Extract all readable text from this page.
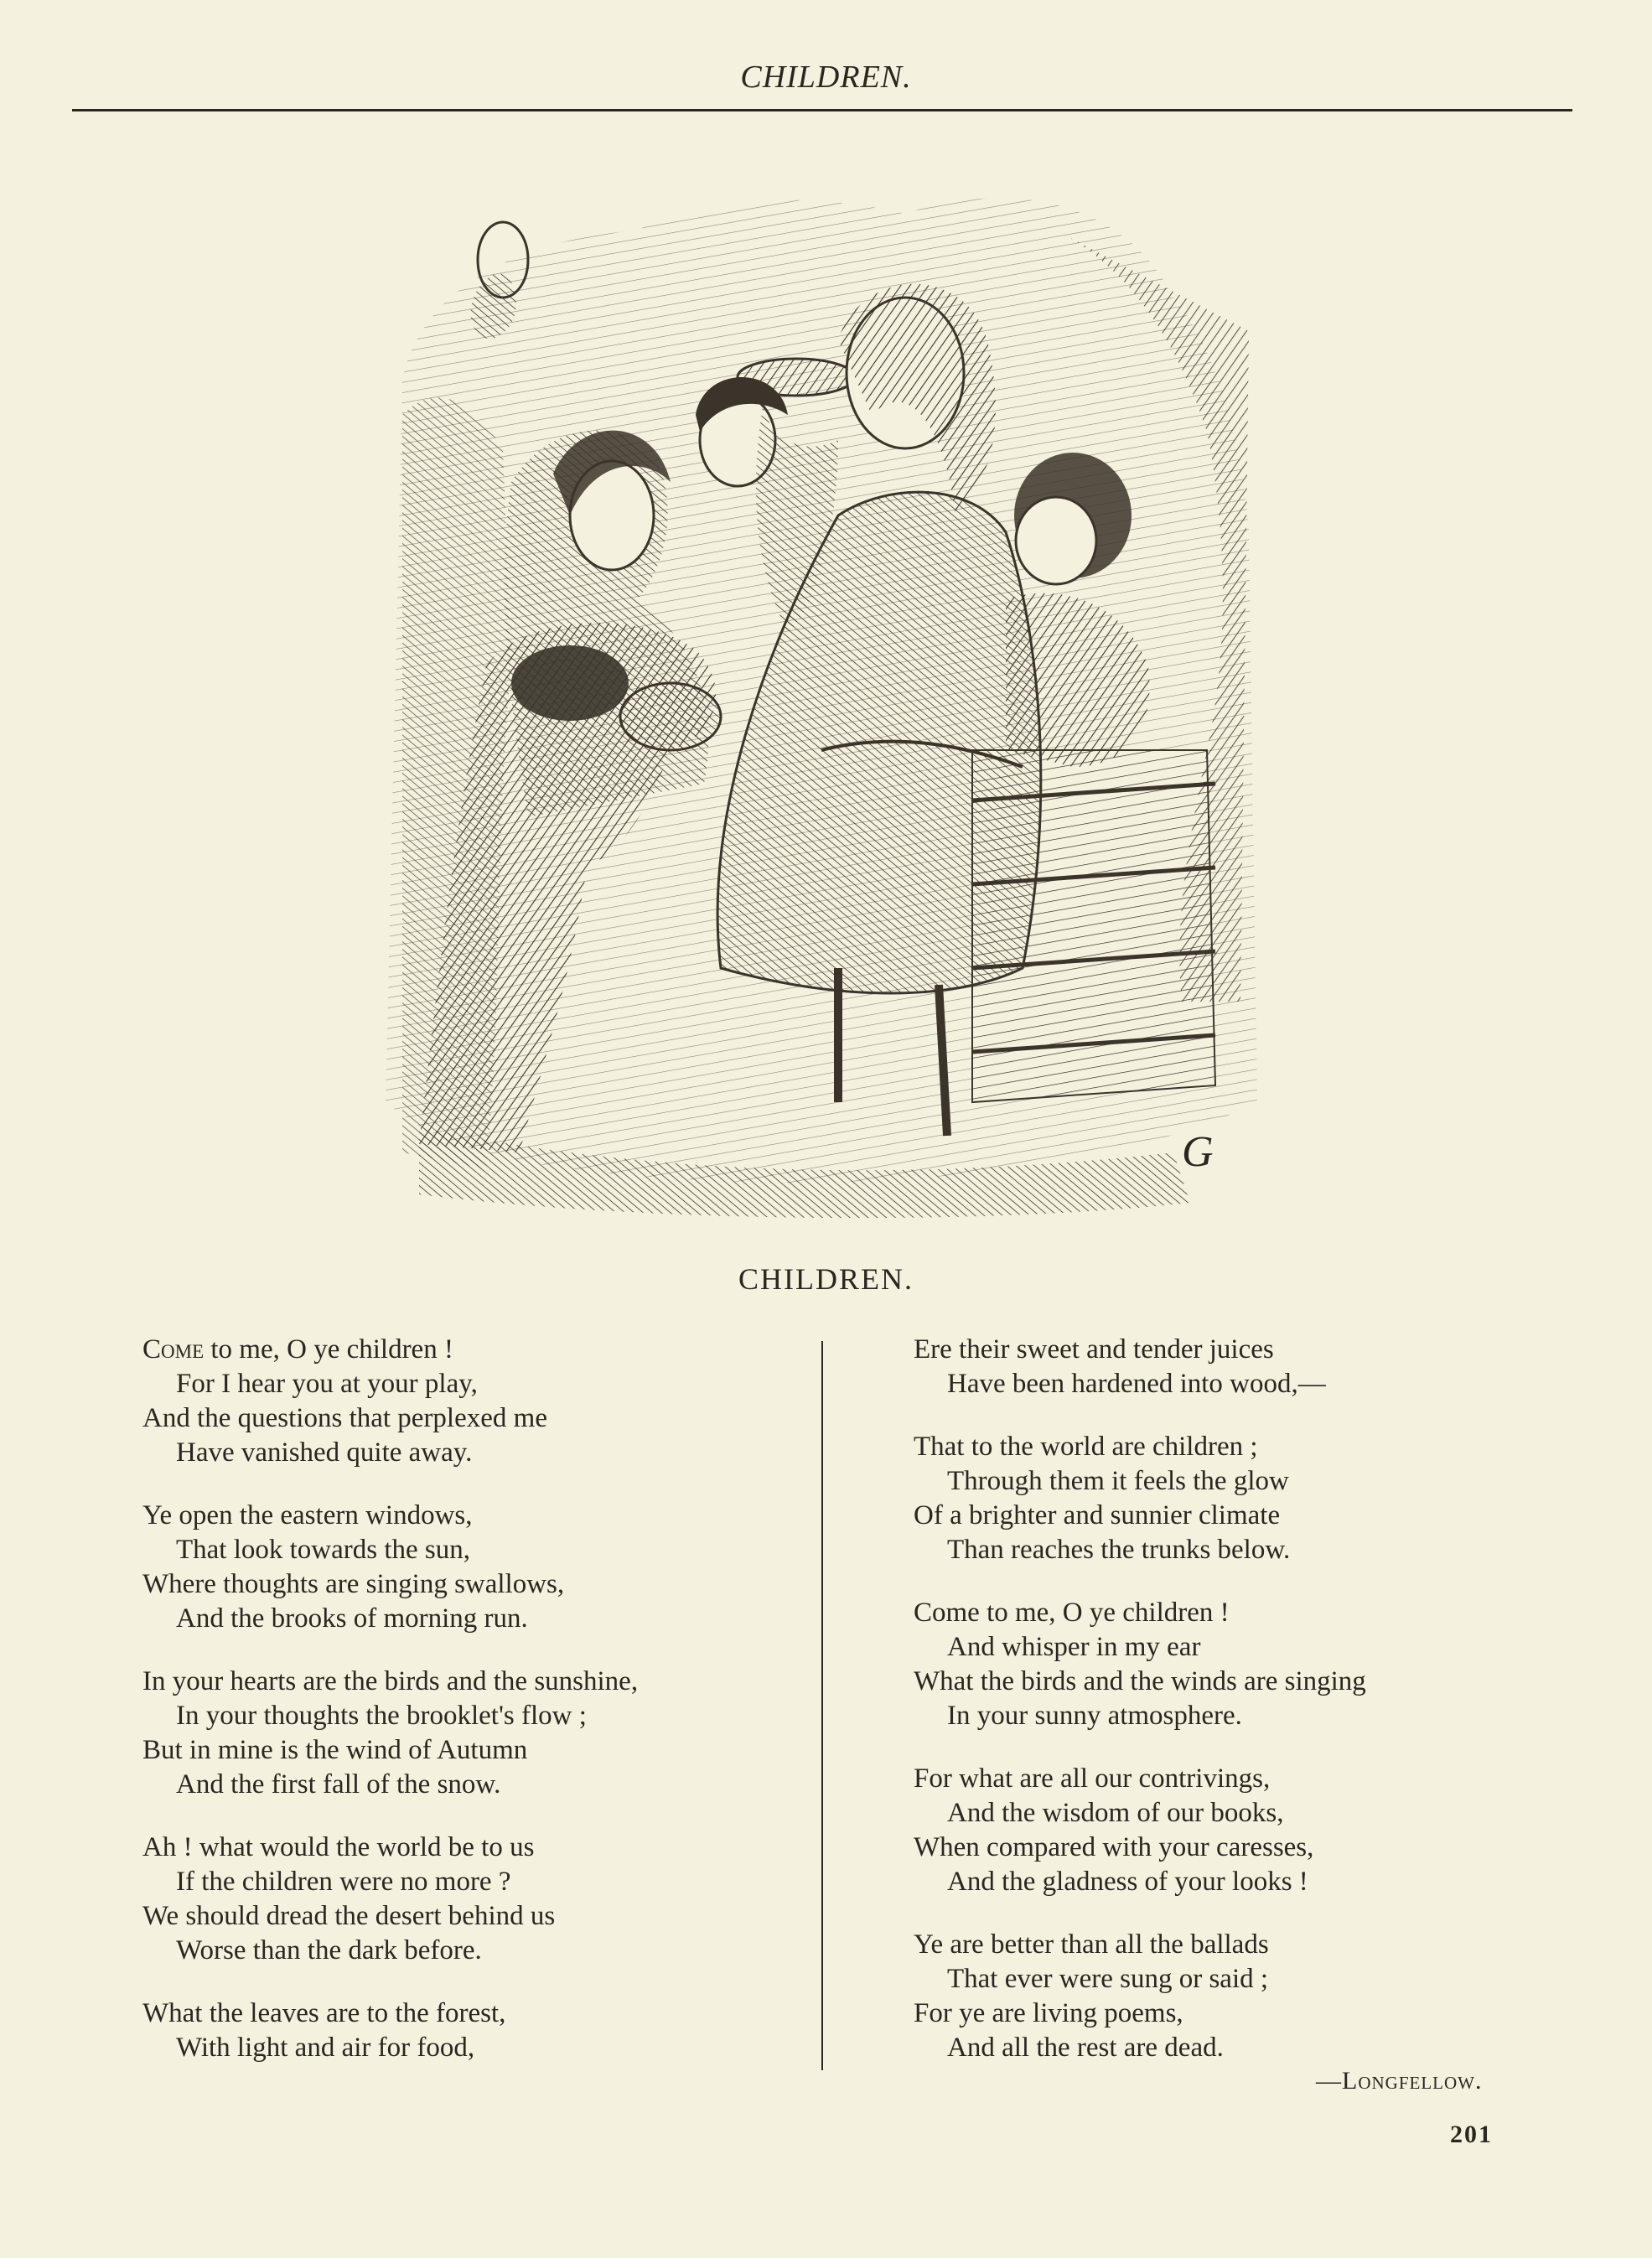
CHILDREN.
G
CHILDREN.
Come to me, O ye children !
For I hear you at your play,
And the questions that perplexed me
Have vanished quite away.
Ye open the eastern windows,
That look towards the sun,
Where thoughts are singing swallows,
And the brooks of morning run.
In your hearts are the birds and the sunshine,
In your thoughts the brooklet's flow ;
But in mine is the wind of Autumn
And the first fall of the snow.
Ah ! what would the world be to us
If the children were no more ?
We should dread the desert behind us
Worse than the dark before.
What the leaves are to the forest,
With light and air for food,
Ere their sweet and tender juices
Have been hardened into wood,—
That to the world are children ;
Through them it feels the glow
Of a brighter and sunnier climate
Than reaches the trunks below.
Come to me, O ye children !
And whisper in my ear
What the birds and the winds are singing
In your sunny atmosphere.
For what are all our contrivings,
And the wisdom of our books,
When compared with your caresses,
And the gladness of your looks !
Ye are better than all the ballads
That ever were sung or said ;
For ye are living poems,
And all the rest are dead.
—Longfellow.
201
